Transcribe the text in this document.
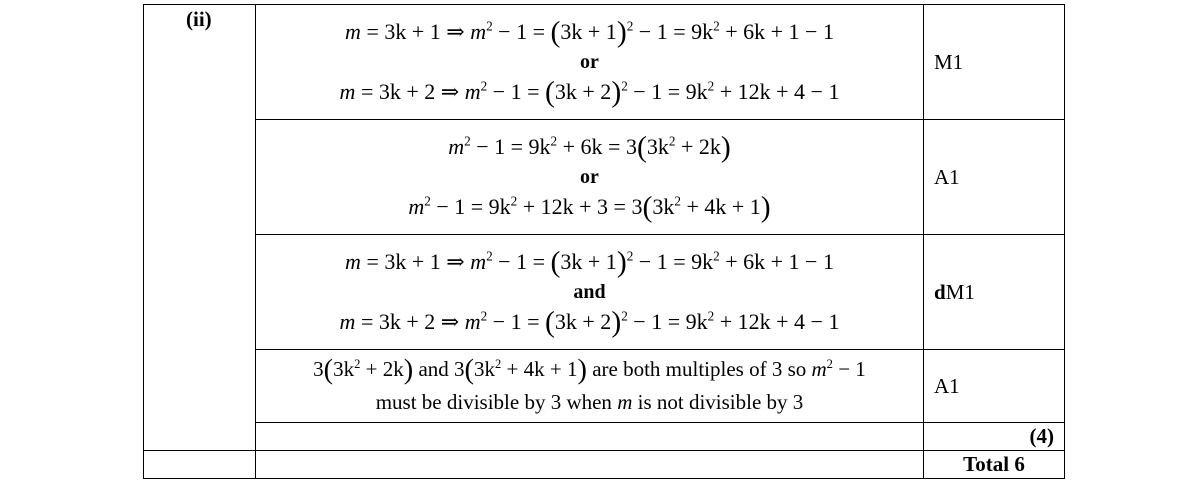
(ii)	m = 3k + 1 ⇒ $m^2 - 1 = (3k + 1)^2 - 1 = 9k^2 + 6k + 1 - 1$
or
m = 3k + 2 ⇒ $m^2 - 1 = (3k + 2)^2 - 1 = 9k^2 + 12k + 4 - 1$	M1

	$m^2 - 1 = 9k^2 + 6k = 3(3k^2 + 2k)$
or
$m^2 - 1 = 9k^2 + 12k + 3 = 3(3k^2 + 4k + 1)$	A1

	m = 3k + 1 ⇒ $m^2 - 1 = (3k + 1)^2 - 1 = 9k^2 + 6k + 1 - 1$
and
m = 3k + 2 ⇒ $m^2 - 1 = (3k + 2)^2 - 1 = 9k^2 + 12k + 4 - 1$	dM1

	$3(3k^2 + 2k)$ and $3(3k^2 + 4k + 1)$ are both multiples of 3 so $m^2 - 1$
must be divisible by 3 when m is not divisible by 3	A1
		(4)
		Total 6
